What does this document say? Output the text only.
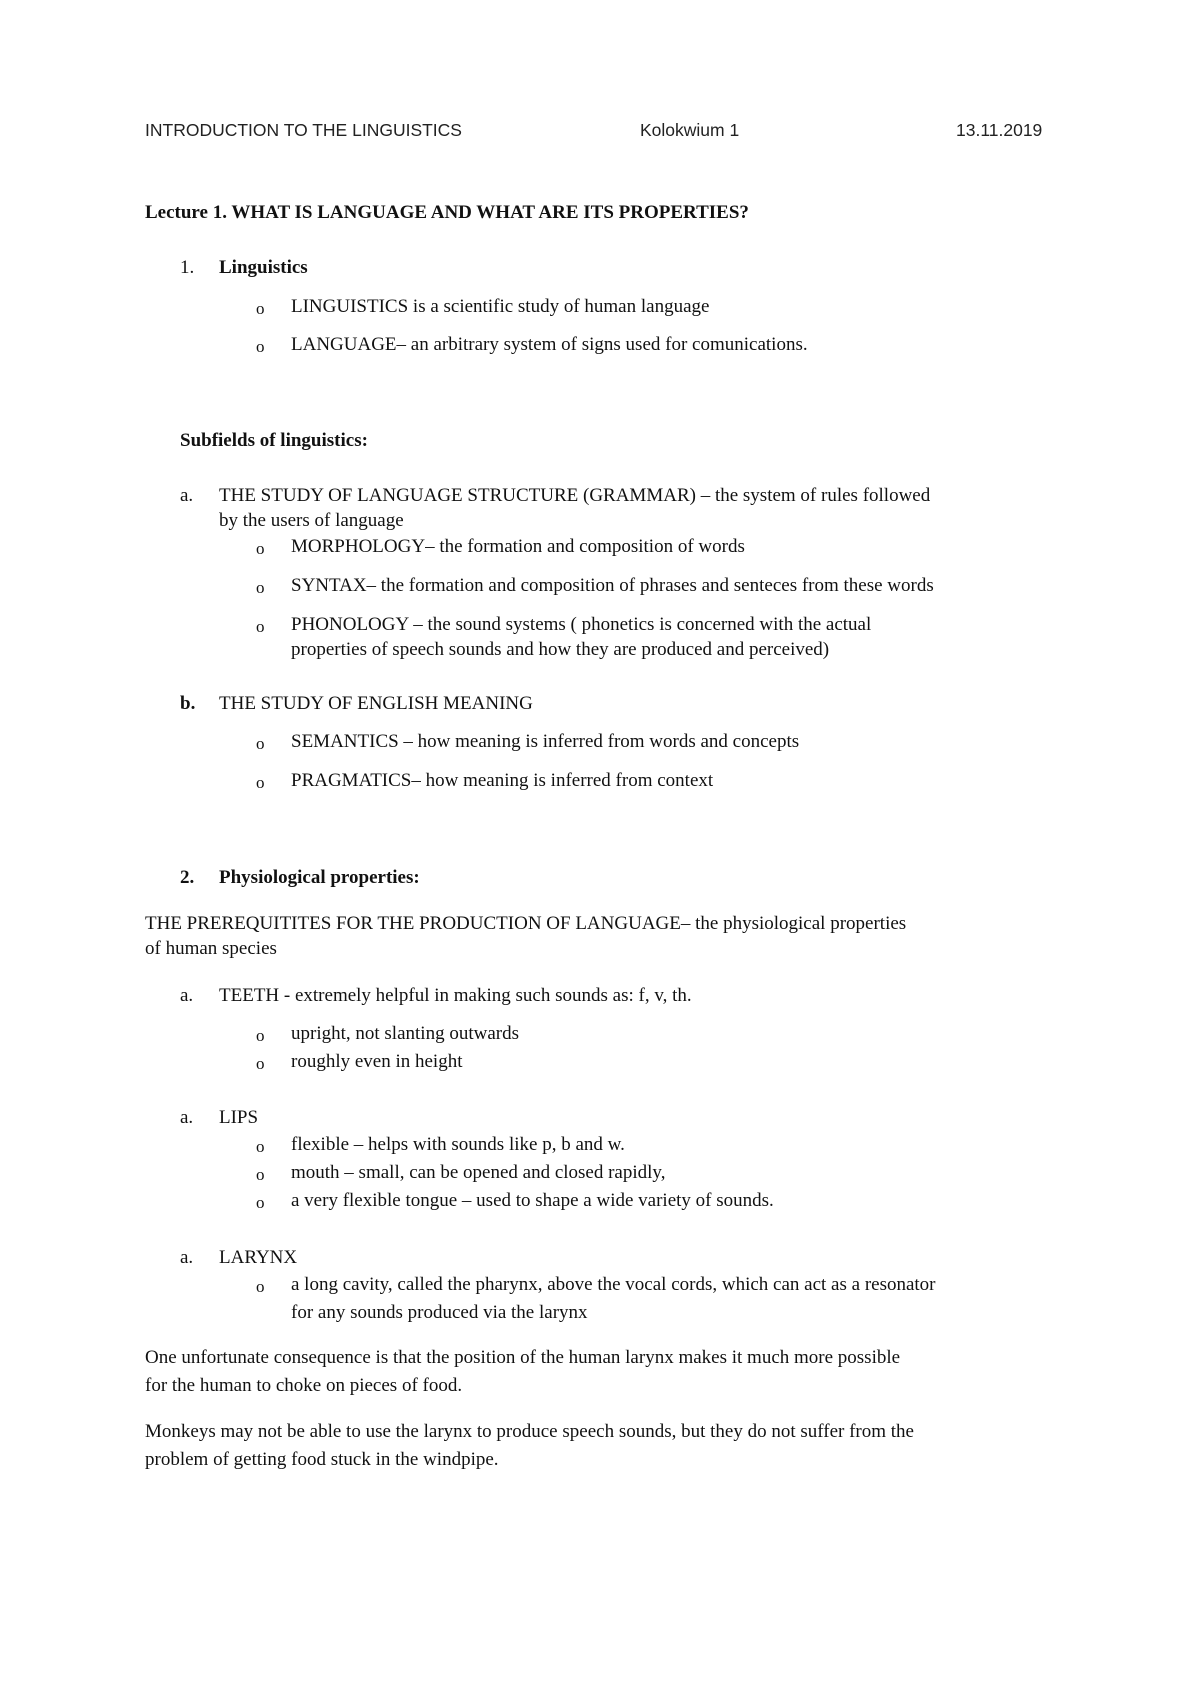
INTRODUCTION TO THE LINGUISTICS	Kolokwium 1	13.11.2019
Lecture 1. WHAT IS LANGUAGE AND WHAT ARE ITS PROPERTIES?
1. Linguistics
o LINGUISTICS is a scientific study of human language
o LANGUAGE– an arbitrary system of signs used for comunications.
Subfields of linguistics:
a. THE STUDY OF LANGUAGE STRUCTURE (GRAMMAR) – the system of rules followed
by the users of language
o MORPHOLOGY– the formation and composition of words
o SYNTAX– the formation and composition of phrases and senteces from these words
o PHONOLOGY – the sound systems ( phonetics is concerned with the actual
properties of speech sounds and how they are produced and perceived)
b. THE STUDY OF ENGLISH MEANING
o SEMANTICS – how meaning is inferred from words and concepts
o PRAGMATICS– how meaning is inferred from context
2. Physiological properties:
THE PREREQUITITES FOR THE PRODUCTION OF LANGUAGE– the physiological properties
of human species
a. TEETH - extremely helpful in making such sounds as: f, v, th.
o upright, not slanting outwards
o roughly even in height
a. LIPS
o flexible – helps with sounds like p, b and w.
o mouth – small, can be opened and closed rapidly,
o a very flexible tongue – used to shape a wide variety of sounds.
a. LARYNX
o a long cavity, called the pharynx, above the vocal cords, which can act as a resonator
for any sounds produced via the larynx
One unfortunate consequence is that the position of the human larynx makes it much more possible
for the human to choke on pieces of food.
Monkeys may not be able to use the larynx to produce speech sounds, but they do not suffer from the
problem of getting food stuck in the windpipe.
